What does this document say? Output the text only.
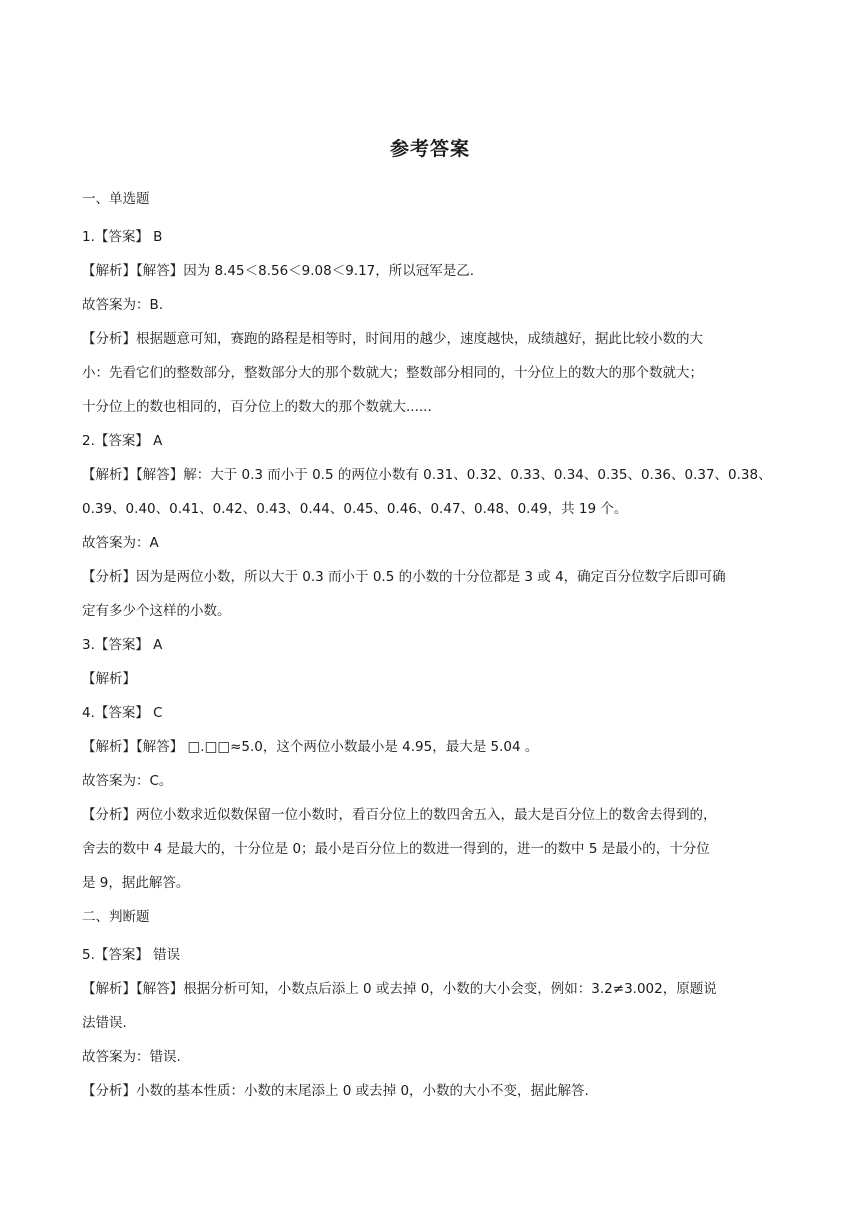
参考答案

一、单选题

1.【答案】 B

【解析】【解答】因为 8.45＜8.56＜9.08＜9.17，所以冠军是乙.

故答案为：B.

【分析】根据题意可知，赛跑的路程是相等时，时间用的越少，速度越快，成绩越好，据此比较小数的大

小：先看它们的整数部分，整数部分大的那个数就大；整数部分相同的，十分位上的数大的那个数就大；

十分位上的数也相同的，百分位上的数大的那个数就大......

2.【答案】 A

【解析】【解答】解：大于 0.3 而小于 0.5 的两位小数有 0.31、0.32、0.33、0.34、0.35、0.36、0.37、0.38、

0.39、0.40、0.41、0.42、0.43、0.44、0.45、0.46、0.47、0.48、0.49，共 19 个。

故答案为：A

【分析】因为是两位小数，所以大于 0.3 而小于 0.5 的小数的十分位都是 3 或 4，确定百分位数字后即可确

定有多少个这样的小数。

3.【答案】 A

【解析】

4.【答案】 C

【解析】【解答】 □.□□≈5.0，这个两位小数最小是 4.95，最大是 5.04 。

故答案为：C。

【分析】两位小数求近似数保留一位小数时，看百分位上的数四舍五入，最大是百分位上的数舍去得到的，

舍去的数中 4 是最大的，十分位是 0；最小是百分位上的数进一得到的，进一的数中 5 是最小的，十分位

是 9，据此解答。

二、判断题

5.【答案】 错误

【解析】【解答】根据分析可知，小数点后添上 0 或去掉 0，小数的大小会变，例如：3.2≠3.002，原题说

法错误.

故答案为：错误.

【分析】小数的基本性质：小数的末尾添上 0 或去掉 0，小数的大小不变，据此解答.
